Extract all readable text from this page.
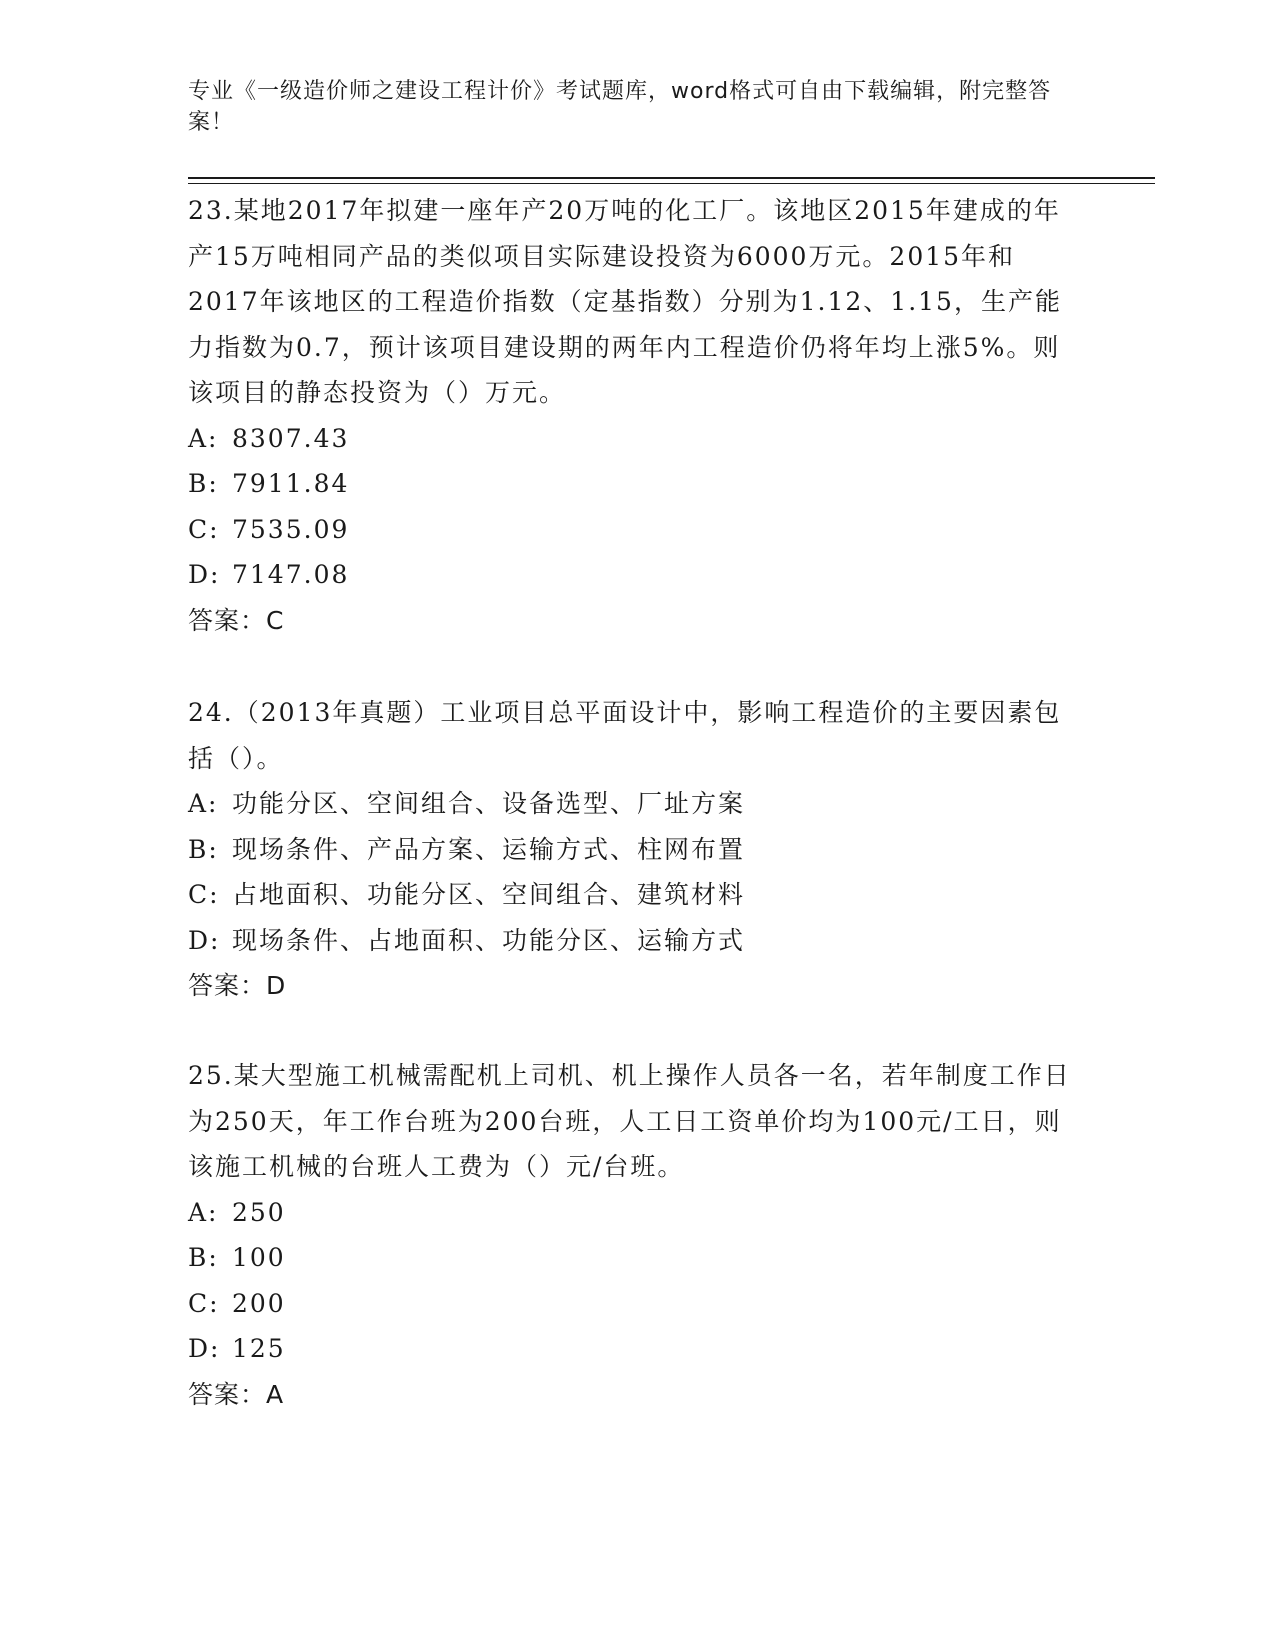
专业《一级造价师之建设工程计价》考试题库，word格式可自由下载编辑，附完整答案！

23.某地2017年拟建一座年产20万吨的化工厂。该地区2015年建成的年产15万吨相同产品的类似项目实际建设投资为6000万元。2015年和2017年该地区的工程造价指数（定基指数）分别为1.12、1.15，生产能力指数为0.7，预计该项目建设期的两年内工程造价仍将年均上涨5%。则该项目的静态投资为（）万元。

A: 8307.43
B: 7911.84
C: 7535.09
D: 7147.08
答案：C

24.（2013年真题）工业项目总平面设计中，影响工程造价的主要因素包括（）。

A: 功能分区、空间组合、设备选型、厂址方案
B: 现场条件、产品方案、运输方式、柱网布置
C: 占地面积、功能分区、空间组合、建筑材料
D: 现场条件、占地面积、功能分区、运输方式
答案：D

25.某大型施工机械需配机上司机、机上操作人员各一名，若年制度工作日为250天，年工作台班为200台班，人工日工资单价均为100元/工日，则该施工机械的台班人工费为（）元/台班。

A: 250
B: 100
C: 200
D: 125
答案：A
